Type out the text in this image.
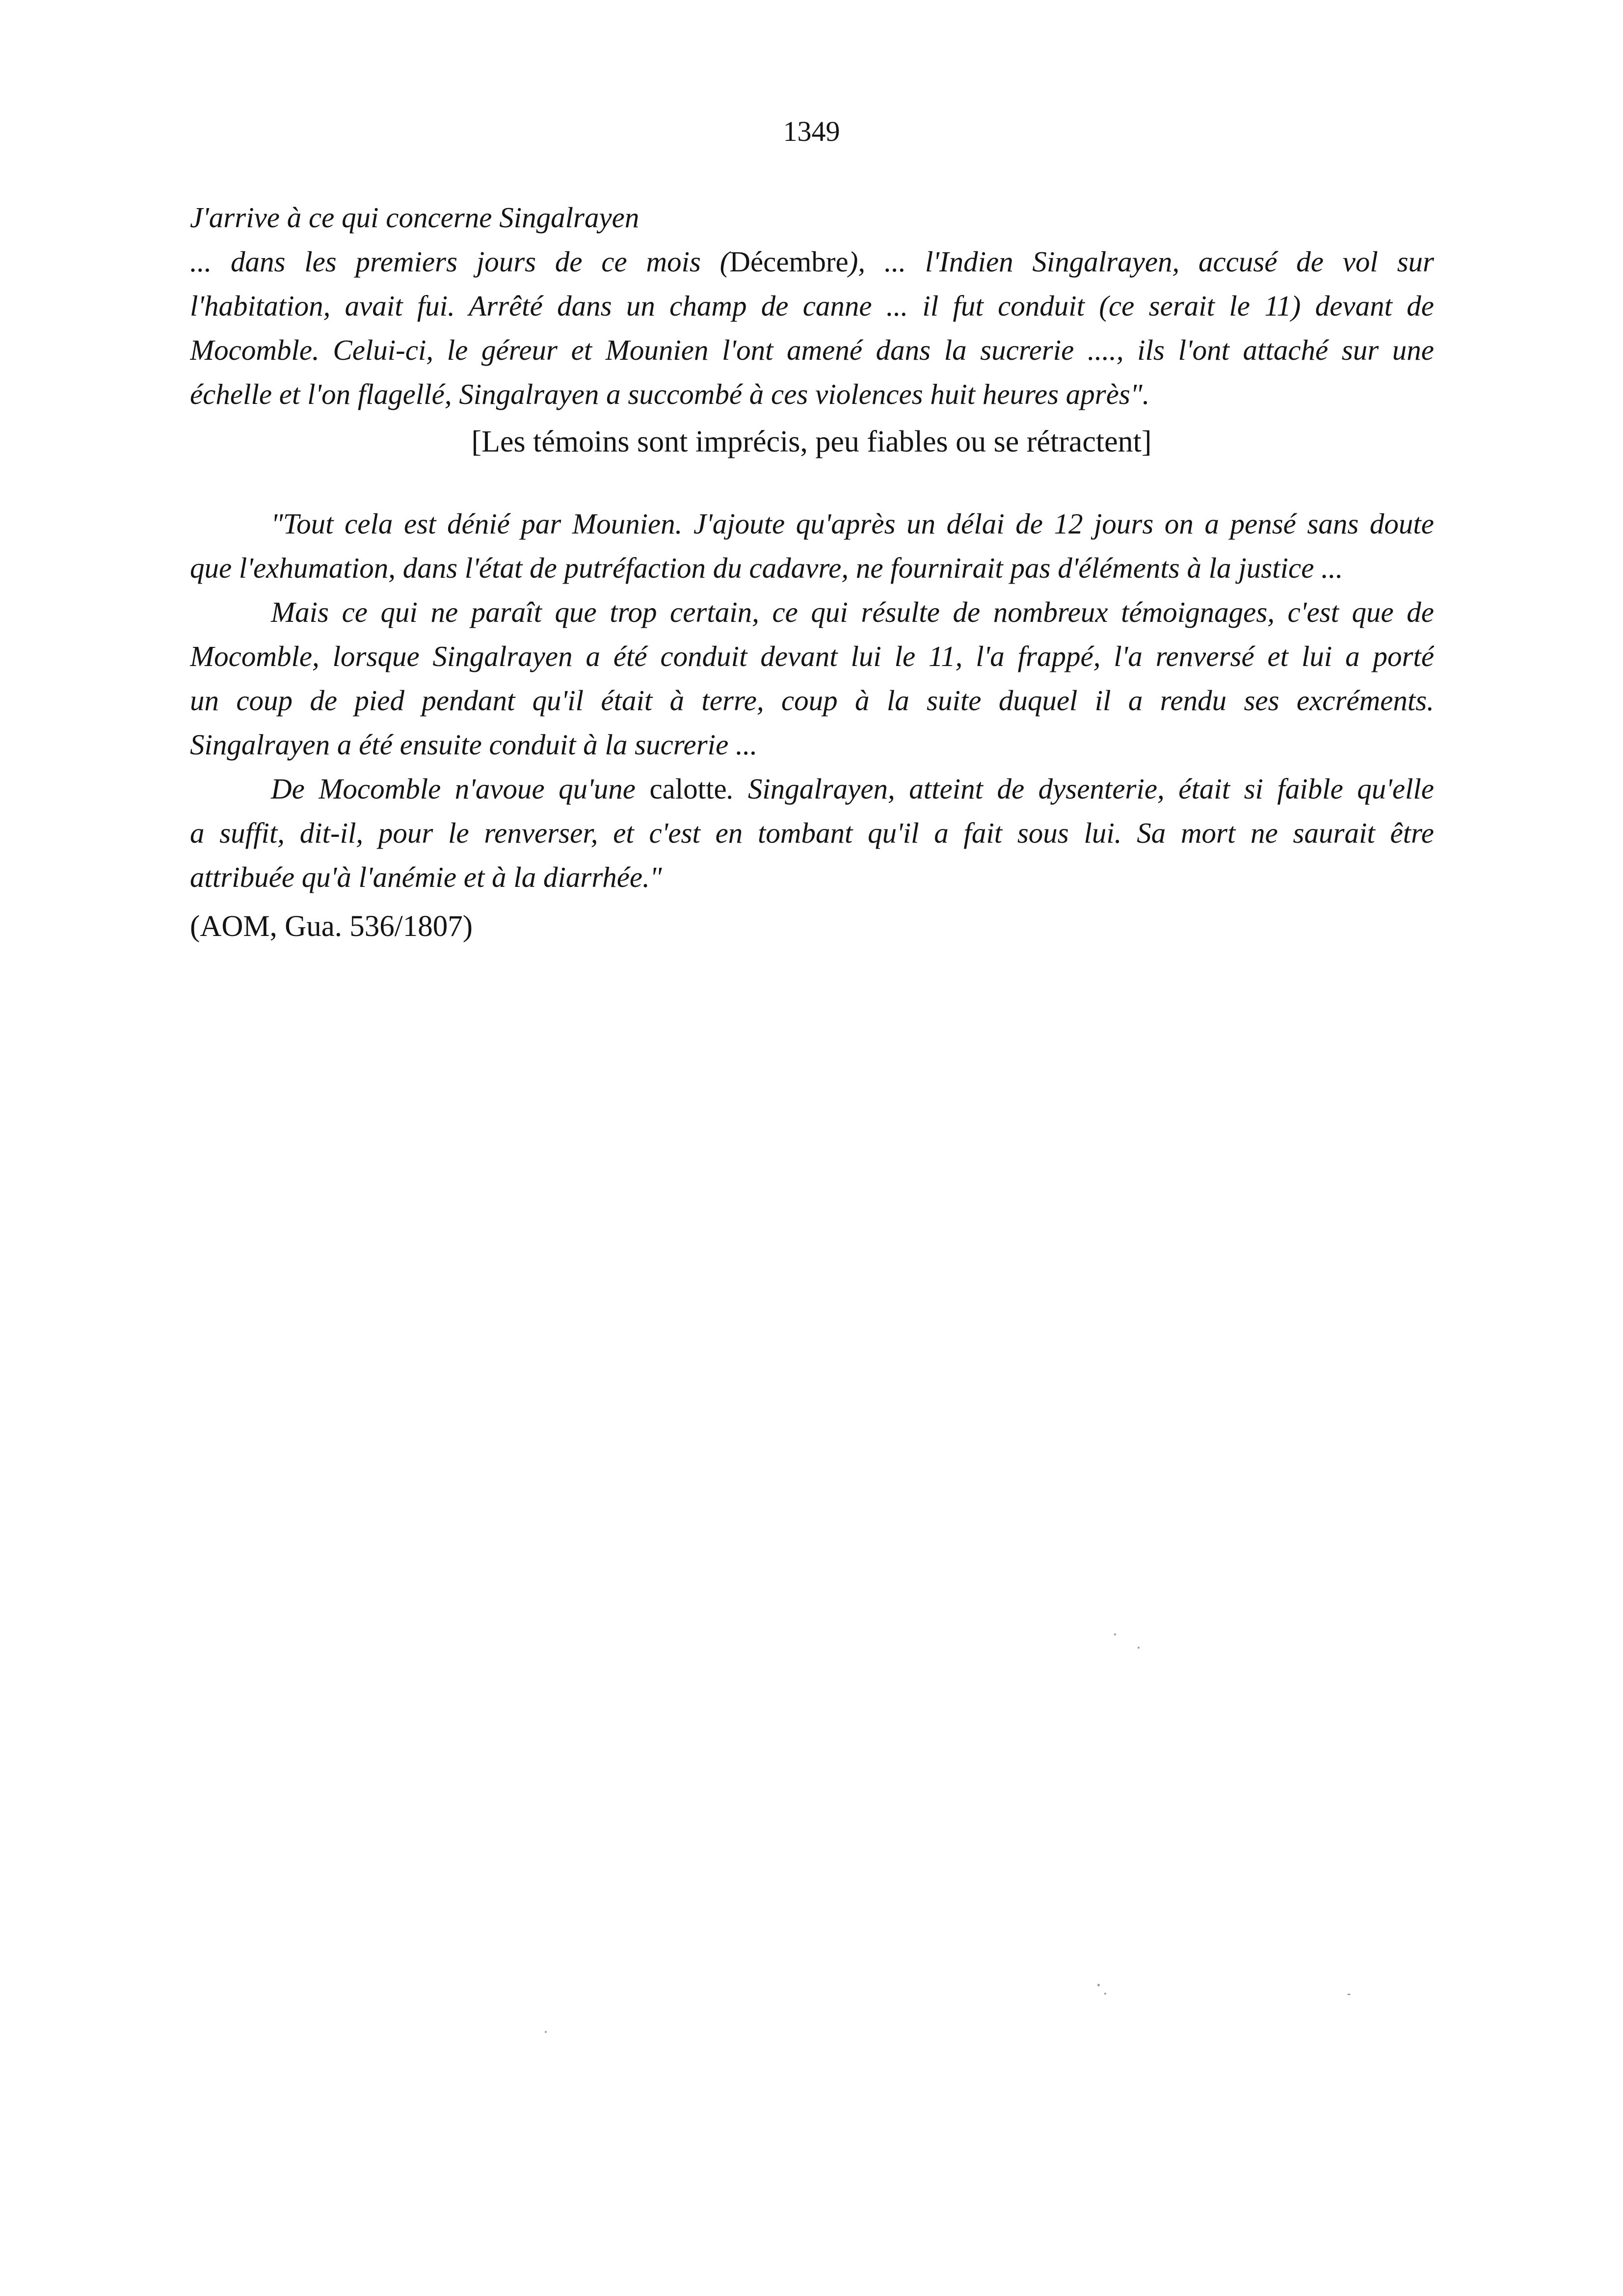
1349
J'arrive à ce qui concerne Singalrayen
... dans les premiers jours de ce mois (Décembre), ... l'Indien Singalrayen, accusé de vol sur
l'habitation, avait fui. Arrêté dans un champ de canne ... il fut conduit (ce serait le 11) devant de
Mocomble. Celui-ci, le géreur et Mounien l'ont amené dans la sucrerie ...., ils l'ont attaché sur une
échelle et l'on flagellé, Singalrayen a succombé à ces violences huit heures après".
[Les témoins sont imprécis, peu fiables ou se rétractent]
"Tout cela est dénié par Mounien. J'ajoute qu'après un délai de 12 jours on a pensé sans doute
que l'exhumation, dans l'état de putréfaction du cadavre, ne fournirait pas d'éléments à la justice ...
Mais ce qui ne paraît que trop certain, ce qui résulte de nombreux témoignages, c'est que de
Mocomble, lorsque Singalrayen a été conduit devant lui le 11, l'a frappé, l'a renversé et lui a porté
un coup de pied pendant qu'il était à terre, coup à la suite duquel il a rendu ses excréments.
Singalrayen a été ensuite conduit à la sucrerie ...
De Mocomble n'avoue qu'une calotte. Singalrayen, atteint de dysenterie, était si faible qu'elle
a suffit, dit-il, pour le renverser, et c'est en tombant qu'il a fait sous lui. Sa mort ne saurait être
attribuée qu'à l'anémie et à la diarrhée."
(AOM, Gua. 536/1807)
